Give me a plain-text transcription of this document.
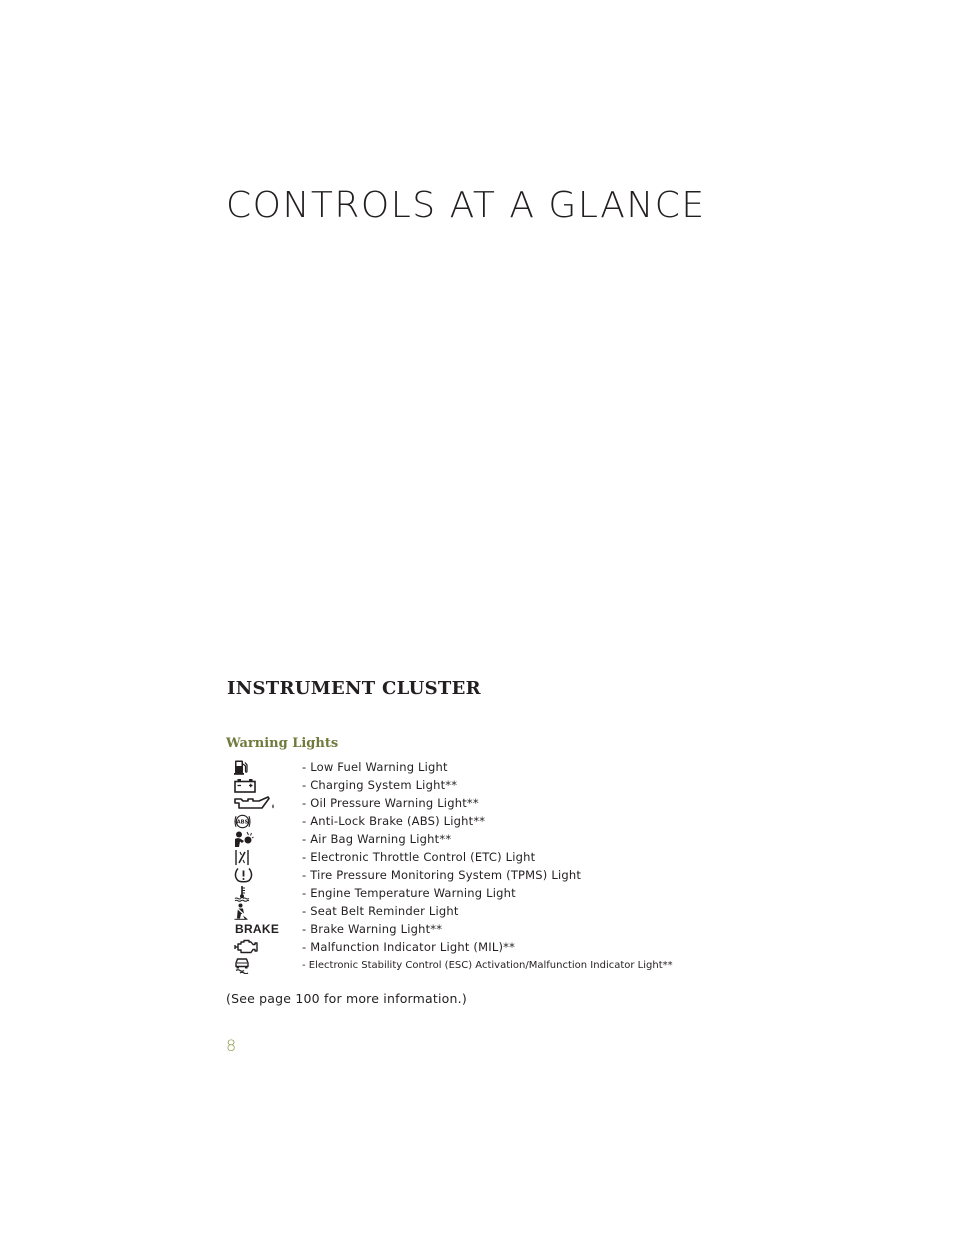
CONTROLS AT A GLANCE
INSTRUMENT CLUSTER
Warning Lights
- Low Fuel Warning Light
- Charging System Light**
- Oil Pressure Warning Light**
ABS	- Anti-Lock Brake (ABS) Light**
- Air Bag Warning Light**
- Electronic Throttle Control (ETC) Light
- Tire Pressure Monitoring System (TPMS) Light
- Engine Temperature Warning Light
- Seat Belt Reminder Light
BRAKE - Brake Warning Light**
- Malfunction Indicator Light (MIL)**
- Electronic Stability Control (ESC) Activation/Malfunction Indicator Light**

(See page 100 for more information.)

8
